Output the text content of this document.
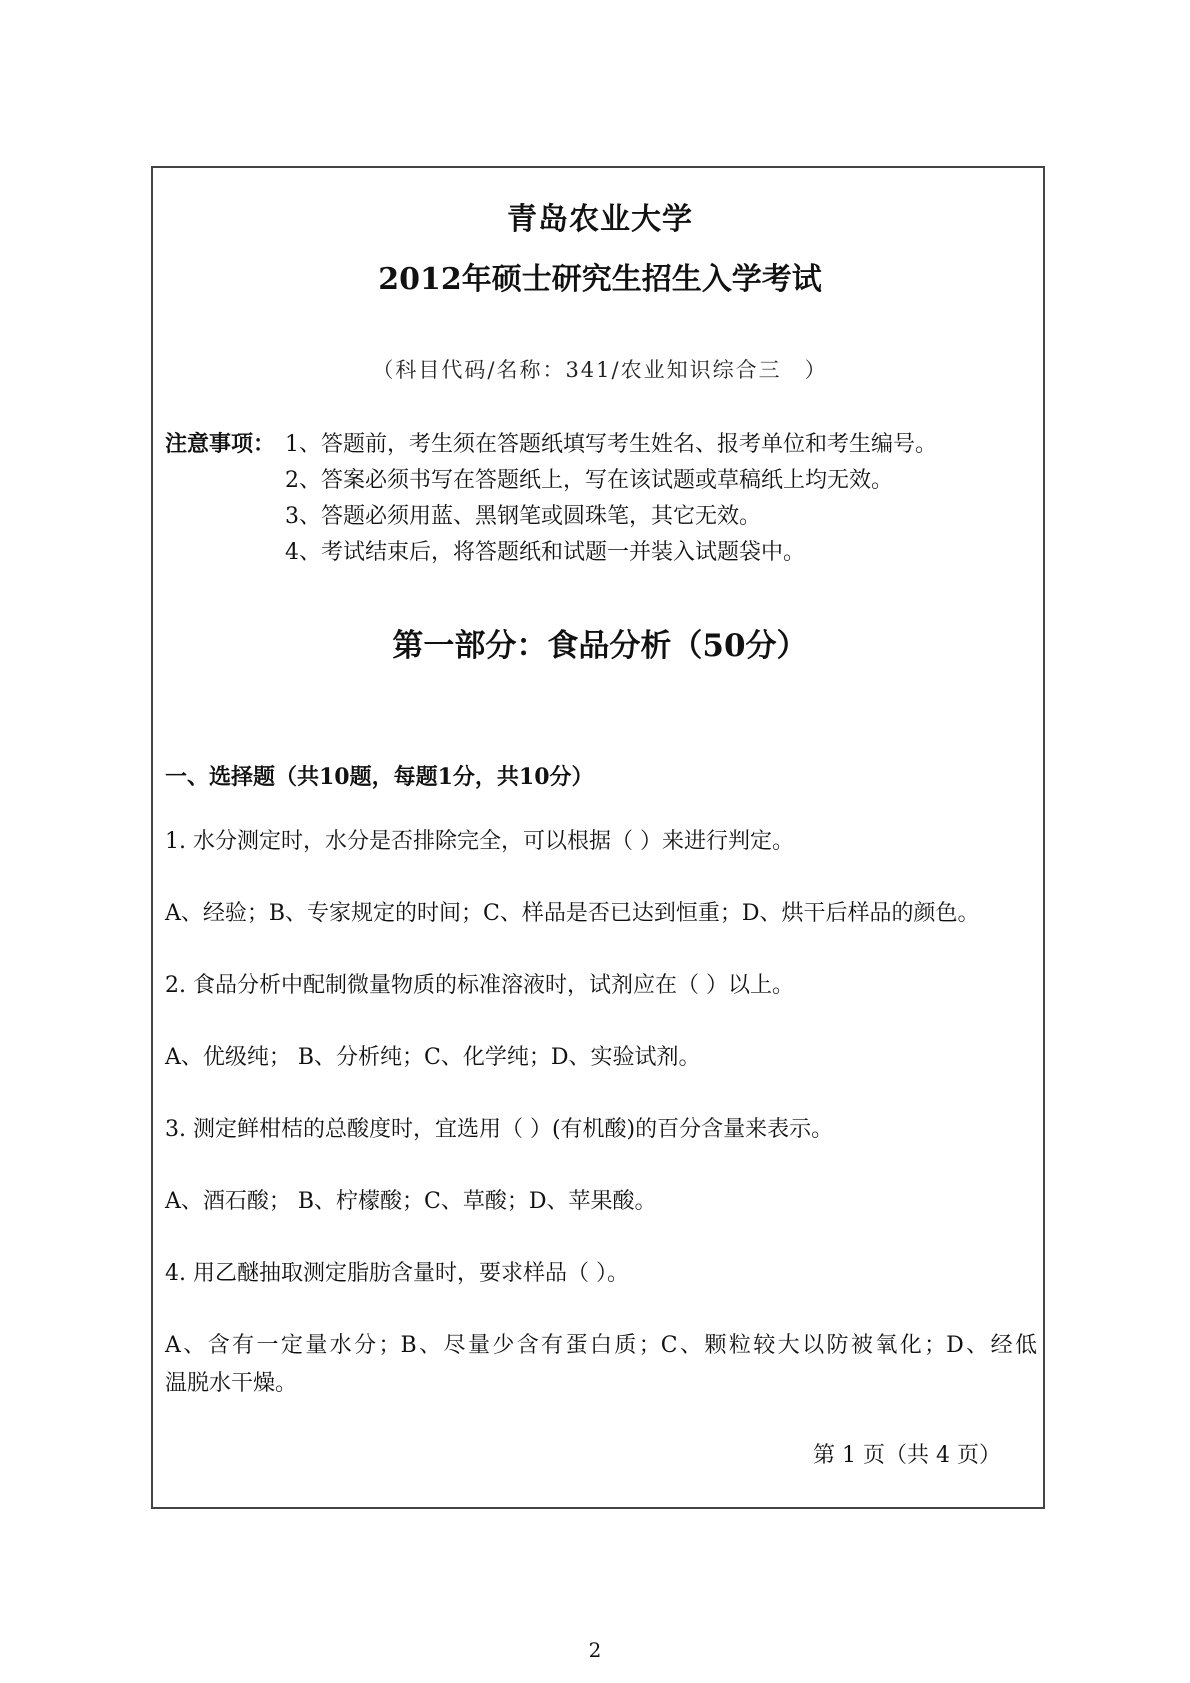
青岛农业大学
2012年硕士研究生招生入学考试
（科目代码/名称：341/农业知识综合三　）
注意事项： 1、答题前，考生须在答题纸填写考生姓名、报考单位和考生编号。
2、答案必须书写在答题纸上，写在该试题或草稿纸上均无效。
3、答题必须用蓝、黑钢笔或圆珠笔，其它无效。
4、考试结束后，将答题纸和试题一并装入试题袋中。
第一部分：食品分析（50分）
一、选择题（共10题，每题1分，共10分）
1. 水分测定时，水分是否排除完全，可以根据（ ）来进行判定。
A、经验；B、专家规定的时间；C、样品是否已达到恒重；D、烘干后样品的颜色。
2. 食品分析中配制微量物质的标准溶液时，试剂应在（ ）以上。
A、优级纯； B、分析纯；C、化学纯；D、实验试剂。
3. 测定鲜柑桔的总酸度时，宜选用（ ）(有机酸)的百分含量来表示。
A、酒石酸； B、柠檬酸；C、草酸；D、苹果酸。
4. 用乙醚抽取测定脂肪含量时，要求样品（ ）。
A、含有一定量水分；B、尽量少含有蛋白质；C、颗粒较大以防被氧化；D、经低
温脱水干燥。
第 1 页（共 4 页）
2
